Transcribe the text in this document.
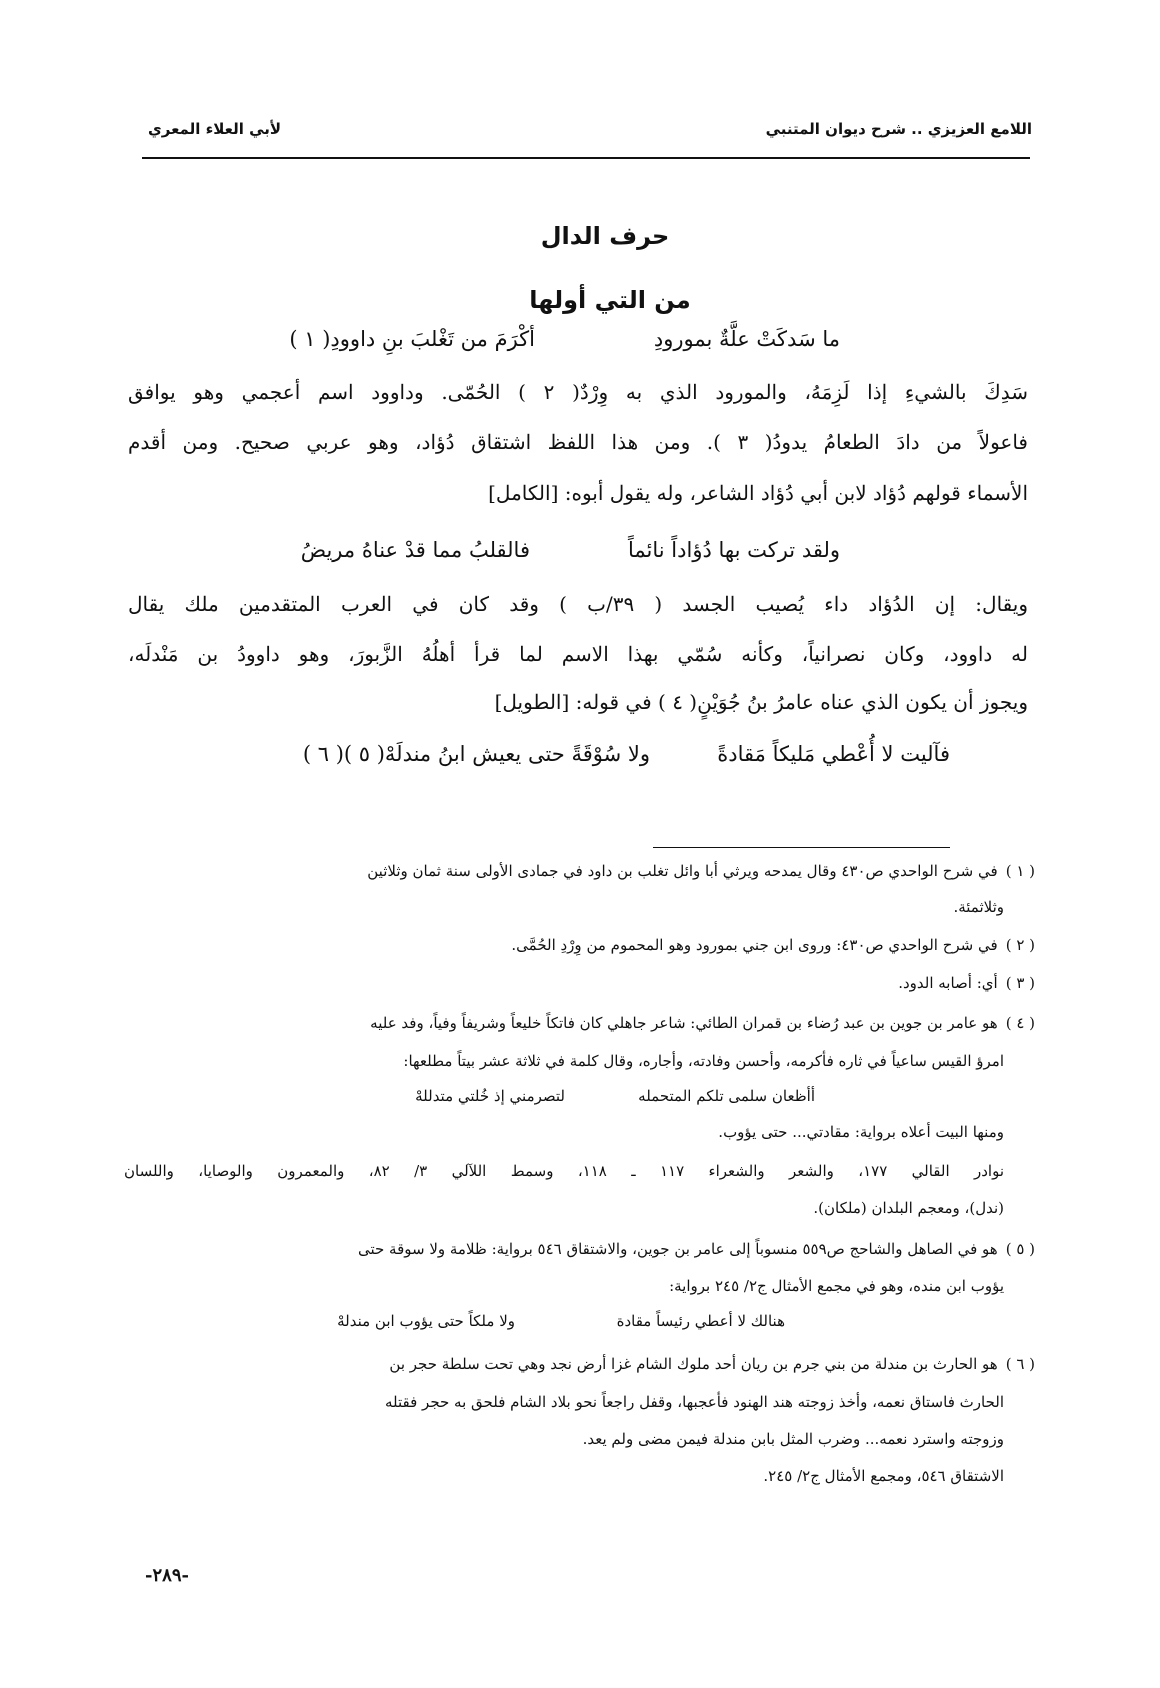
اللامع العزيزي .. شرح ديوان المتنبي
لأبي العلاء المعري
حرف الدال
من التي أولها
ما سَدكَتْ علَّةٌ بمورودِ
أكْرَمَ من تَغْلبَ بنِ داوودِ( ١ )
سَدِكَ بالشيءِ إذا لَزِمَهُ، والمورود الذي به وِرْدٌ( ٢ ) الحُمّى. وداوود اسم أعجمي وهو يوافق
فاعولاً من دادَ الطعامُ يدودُ( ٣ ). ومن هذا اللفظ اشتقاق دُؤاد، وهو عربي صحيح. ومن أقدم
الأسماء قولهم دُؤاد لابن أبي دُؤاد الشاعر، وله يقول أبوه: [الكامل]
ولقد تركت بها دُؤاداً نائماً
فالقلبُ مما قدْ عناهُ مريضُ
ويقال: إن الدُؤاد داء يُصيب الجسد ( ٣٩/ب ) وقد كان في العرب المتقدمين ملك يقال
له داوود، وكان نصرانياً، وكأنه سُمّي بهذا الاسم لما قرأ أهلُهُ الزَّبورَ، وهو داوودُ بن مَنْدلَه،
ويجوز أن يكون الذي عناه عامرُ بنُ جُوَيْنٍ( ٤ ) في قوله: [الطويل]
فآليت لا أُعْطي مَليكاً مَقادةً
ولا سُوْقَةً حتى يعيش ابنُ مندلَهْ( ٥ )( ٦ )
( ١ )في شرح الواحدي ص٤٣٠ وقال يمدحه ويرثي أبا وائل تغلب بن داود في جمادى الأولى سنة ثمان وثلاثين
وثلاثمئة.
( ٢ )في شرح الواحدي ص٤٣٠: وروى ابن جني بمورود وهو المحموم من وِرْدِ الحُمَّى.
( ٣ )أي: أصابه الدود.
( ٤ )هو عامر بن جوين بن عبد رُضاء بن قمران الطائي: شاعر جاهلي كان فاتكاً خليعاً وشريفاً وفياً، وفد عليه
امرؤ القيس ساعياً في ثاره فأكرمه، وأحسن وفادته، وأجاره، وقال كلمة في ثلاثة عشر بيتاً مطلعها:
أأظعان سلمى تلكم المتحمله
لتصرمني إذ خُلتي متدللهْ
ومنها البيت أعلاه برواية: مقادتي... حتى يؤوب.
نوادر القالي ١٧٧، والشعر والشعراء ١١٧ ـ ١١٨، وسمط اللآلي ٣/ ٨٢، والمعمرون والوصايا، واللسان
(ندل)، ومعجم البلدان (ملكان).
( ٥ )هو في الصاهل والشاحج ص٥٥٩ منسوباً إلى عامر بن جوين، والاشتقاق ٥٤٦ برواية: ظلامة ولا سوقة حتى
يؤوب ابن منده، وهو في مجمع الأمثال ج٢/ ٢٤٥ برواية:
هنالك لا أعطي رئيساً مقادة
ولا ملكاً حتى يؤوب ابن مندلهْ
( ٦ )هو الحارث بن مندلة من بني جرم بن ريان أحد ملوك الشام غزا أرض نجد وهي تحت سلطة حجر بن
الحارث فاستاق نعمه، وأخذ زوجته هند الهنود فأعجبها، وقفل راجعاً نحو بلاد الشام فلحق به حجر فقتله
وزوجته واسترد نعمه... وضرب المثل بابن مندلة فيمن مضى ولم يعد.
الاشتقاق ٥٤٦، ومجمع الأمثال ج٢/ ٢٤٥.
-٢٨٩-
